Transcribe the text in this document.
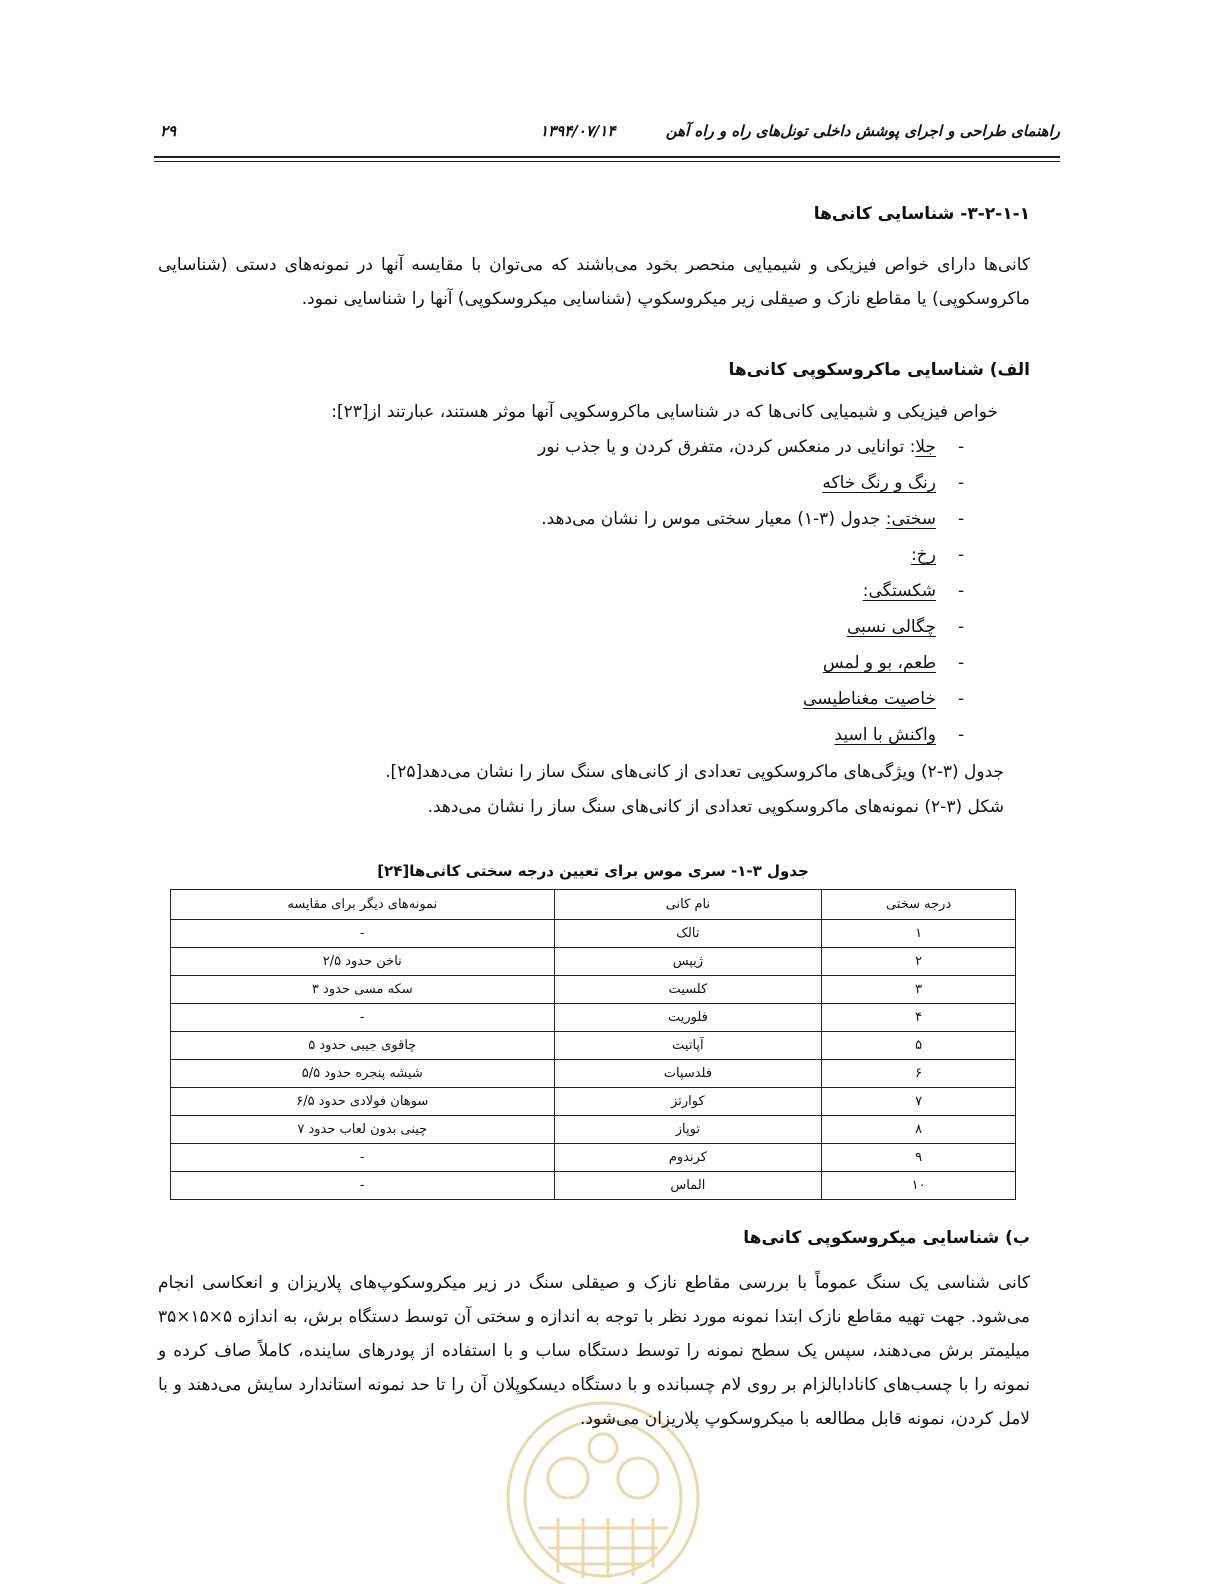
۲۹	۱۳۹۴/۰۷/۱۴	راهنمای طراحی و اجرای پوشش داخلی تونل‌های راه و راه آهن
۳-۲-۱-۱- شناسایی کانی‌ها
کانی‌ها دارای خواص فیزیکی و شیمیایی منحصر بخود می‌باشند که می‌توان با مقایسه آنها در نمونه‌های دستی (شناسایی ماکروسکوپی) یا مقاطع نازک و صیقلی زیر میکروسکوپ (شناسایی میکروسکوپی) آنها را شناسایی نمود.
الف) شناسایی ماکروسکوپی کانی‌ها
خواص فیزیکی و شیمیایی کانی‌ها که در شناسایی ماکروسکوپی آنها موثر هستند، عبارتند از[۲۳]:
-
جلا: توانایی در منعکس کردن، متفرق کردن و یا جذب نور
-
رنگ و رنگ خاکه
-
سختی: جدول (۳-۱) معیار سختی موس را نشان می‌دهد.
-
رخ:
-
شکستگی:
-
چگالی نسبی
-
طعم، بو و لمس
-
خاصیت مغناطیسی
-
واکنش با اسید
جدول (۳-۲) ویژگی‌های ماکروسکوپی تعدادی از کانی‌های سنگ ساز را نشان می‌دهد[۲۵].
شکل (۳-۲) نمونه‌های ماکروسکوپی تعدادی از کانی‌های سنگ ساز را نشان می‌دهد.
جدول ۳-۱- سری موس برای تعیین درجه سختی کانی‌ها[۲۴]
درجه سختی	نام کانی	نمونه‌های دیگر برای مقایسه
۱	تالک	-
۲	ژیپس	ناخن حدود ۲/۵
۳	کلسیت	سکه مسی حدود ۳
۴	فلوریت	-
۵	آپاتیت	چاقوی جیبی حدود ۵
۶	فلدسپات	شیشه پنجره حدود ۵/۵
۷	کوارتز	سوهان فولادی حدود ۶/۵
۸	توپاز	چینی بدون لعاب حدود ۷
۹	کرندوم	-
۱۰	الماس	-
ب) شناسایی میکروسکوپی کانی‌ها
کانی شناسی یک سنگ عموماً با بررسی مقاطع نازک و صیقلی سنگ در زیر میکروسکوپ‌های پلاریزان و انعکاسی انجام می‌شود. جهت تهیه مقاطع نازک ابتدا نمونه مورد نظر با توجه به اندازه و سختی آن توسط دستگاه برش، به اندازه ۵×۱۵×۳۵ میلیمتر برش می‌دهند، سپس یک سطح نمونه را توسط دستگاه ساب و با استفاده از پودرهای ساینده، کاملاً صاف کرده و نمونه را با چسب‌های کانادابالزام بر روی لام چسبانده و با دستگاه دیسکوپلان آن را تا حد نمونه استاندارد سایش می‌دهند و با لامل کردن، نمونه قابل مطالعه با میکروسکوپ پلاریزان می‌شود.
